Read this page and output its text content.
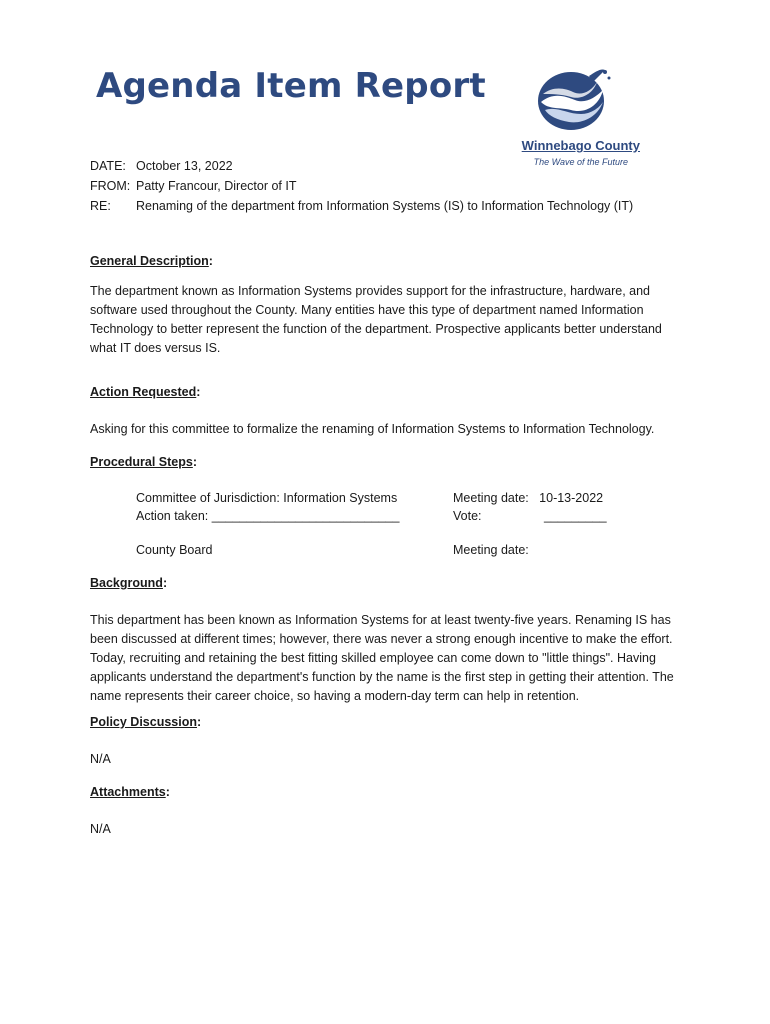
Agenda Item Report
Winnebago County
The Wave of the Future
DATE: October 13, 2022
FROM: Patty Francour, Director of IT
RE:	Renaming of the department from Information Systems (IS) to Information Technology (IT)
General Description:
The department known as Information Systems provides support for the infrastructure, hardware, and software used throughout the County. Many entities have this type of department named Information Technology to better represent the function of the department. Prospective applicants better understand what IT does versus IS.
Action Requested:
Asking for this committee to formalize the renaming of Information Systems to Information Technology.
Procedural Steps:
Committee of Jurisdiction: Information Systems
Action taken: ___________________________
County Board
Meeting date:   10-13-2022
Vote:                  _________
Meeting date:
Background:
This department has been known as Information Systems for at least twenty-five years. Renaming IS has been discussed at different times; however, there was never a strong enough incentive to make the effort. Today, recruiting and retaining the best fitting skilled employee can come down to "little things". Having applicants understand the department's function by the name is the first step in getting their attention. The name represents their career choice, so having a modern-day term can help in retention.
Policy Discussion:
N/A
Attachments:
N/A
